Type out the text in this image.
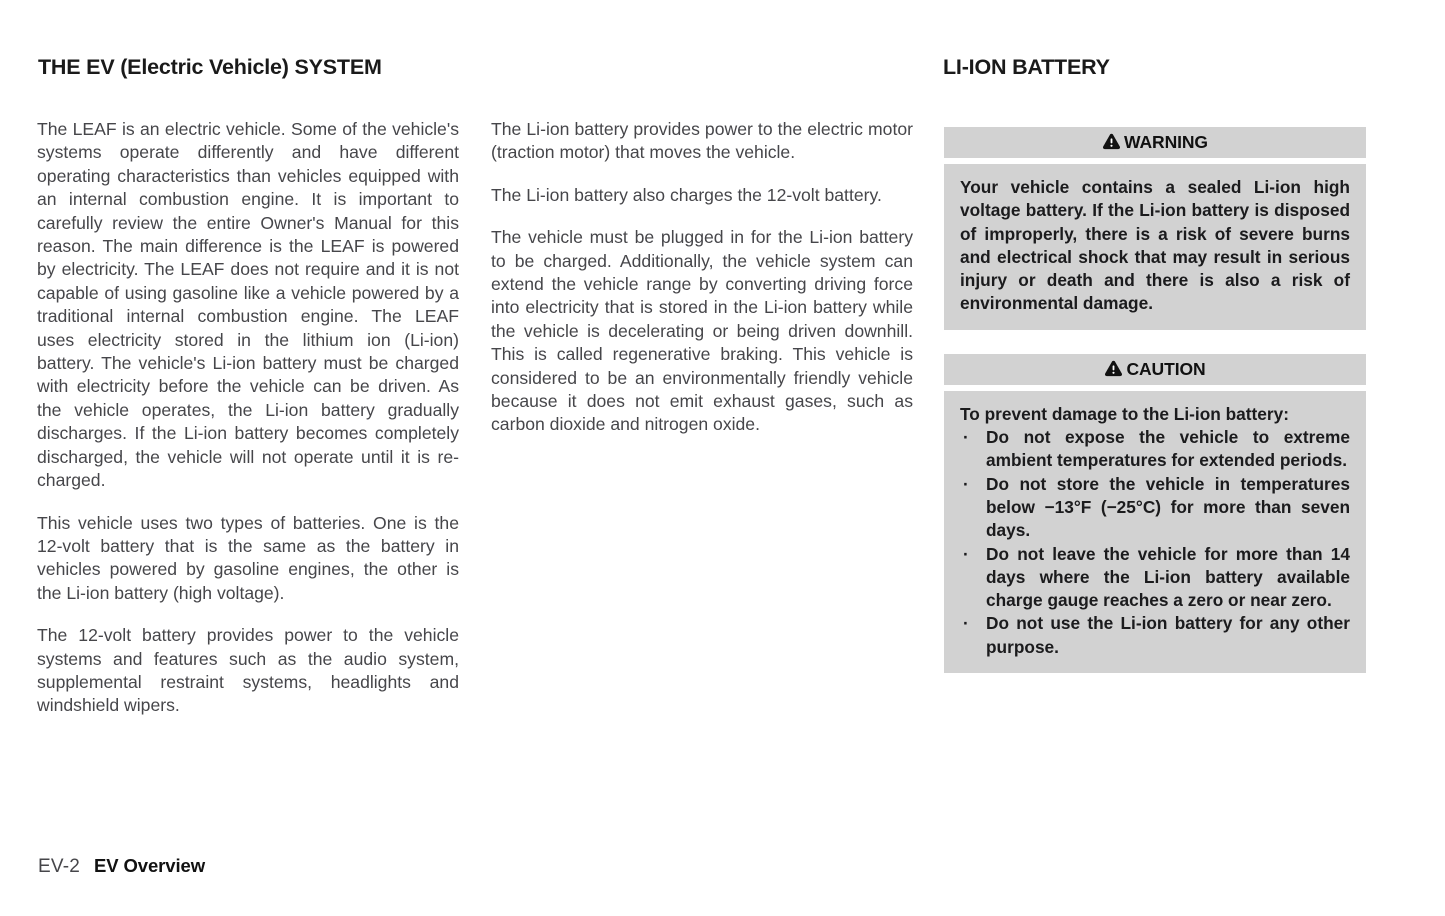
THE EV (Electric Vehicle) SYSTEM	LI-ION BATTERY

The LEAF is an electric vehicle. Some of the vehicle's systems operate differently and have different operating characteristics than vehicles equipped with an internal combustion engine. It is important to carefully review the entire Owner's Manual for this reason. The main difference is the LEAF is powered by electricity. The LEAF does not require and it is not capable of using gasoline like a vehicle powered by a traditional internal combustion engine. The LEAF uses electricity stored in the lithium ion (Li-ion) battery. The vehicle's Li-ion battery must be charged with electricity before the vehicle can be driven. As the vehicle operates, the Li-ion battery gradually discharges. If the Li-ion battery becomes completely discharged, the vehicle will not operate until it is re-charged.

This vehicle uses two types of batteries. One is the 12-volt battery that is the same as the battery in vehicles powered by gasoline engines, the other is the Li-ion battery (high voltage).

The 12-volt battery provides power to the vehicle systems and features such as the audio system, supplemental restraint systems, headlights and windshield wipers.

The Li-ion battery provides power to the electric motor (traction motor) that moves the vehicle.

The Li-ion battery also charges the 12-volt battery.

The vehicle must be plugged in for the Li-ion battery to be charged. Additionally, the vehicle system can extend the vehicle range by converting driving force into electricity that is stored in the Li-ion battery while the vehicle is decelerating or being driven downhill. This is called regenerative braking. This vehicle is considered to be an environmentally friendly vehicle because it does not emit exhaust gases, such as carbon dioxide and nitrogen oxide.

WARNING

Your vehicle contains a sealed Li-ion high voltage battery. If the Li-ion battery is disposed of improperly, there is a risk of severe burns and electrical shock that may result in serious injury or death and there is also a risk of environmental damage.

CAUTION

To prevent damage to the Li-ion battery:

· Do not expose the vehicle to extreme ambient temperatures for extended periods.
· Do not store the vehicle in temperatures below −13°F (−25°C) for more than seven days.
· Do not leave the vehicle for more than 14 days where the Li-ion battery available charge gauge reaches a zero or near zero.
· Do not use the Li-ion battery for any other purpose.
EV-2 EV Overview
